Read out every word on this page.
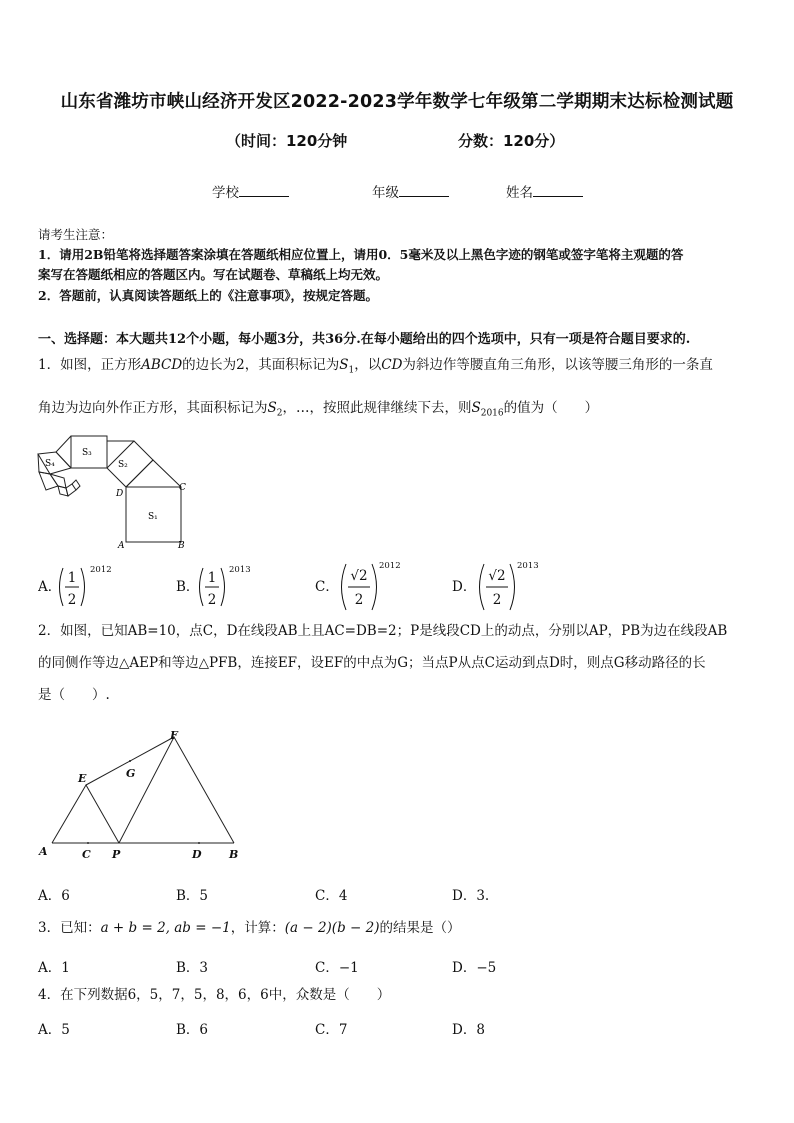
山东省潍坊市峡山经济开发区2022-2023学年数学七年级第二学期期末达标检测试题
（时间：120分钟	分数：120分）
学校	年级	姓名
请考生注意：
1．请用2B铅笔将选择题答案涂填在答题纸相应位置上，请用0．5毫米及以上黑色字迹的钢笔或签字笔将主观题的答
案写在答题纸相应的答题区内。写在试题卷、草稿纸上均无效。
2．答题前，认真阅读答题纸上的《注意事项》，按规定答题。
一、选择题：本大题共12个小题，每小题3分，共36分.在每小题给出的四个选项中，只有一项是符合题目要求的.
1．如图，正方形ABCD的边长为2，其面积标记为$S_1$，以CD为斜边作等腰直角三角形，以该等腰三角形的一条直
角边为边向外作正方形，其面积标记为$S_2$，…，按照此规律继续下去，则$S_{2016}$的值为（　　）
S₁
S₂
S₃
S₄
A	B
C
D
A．
1
2
2012
B．
1
2
2013
C．
√2
2
2012
D．
√2
2
2013
2．如图，已知AB=10，点C，D在线段AB上且AC=DB=2；P是线段CD上的动点，分别以AP，PB为边在线段AB
的同侧作等边△AEP和等边△PFB，连接EF，设EF的中点为G；当点P从点C运动到点D时，则点G移动路径的长
是（　　）.
A	C P	D B
E
F
G
A．6	B．5	C．4	D．3.
3．已知：a + b = 2, ab = −1，计算：(a − 2)(b − 2)的结果是（）
A．1	B．3	C．−1	D．−5
4．在下列数据6，5，7，5，8，6，6中，众数是（　　）
A．5	B．6	C．7	D．8
